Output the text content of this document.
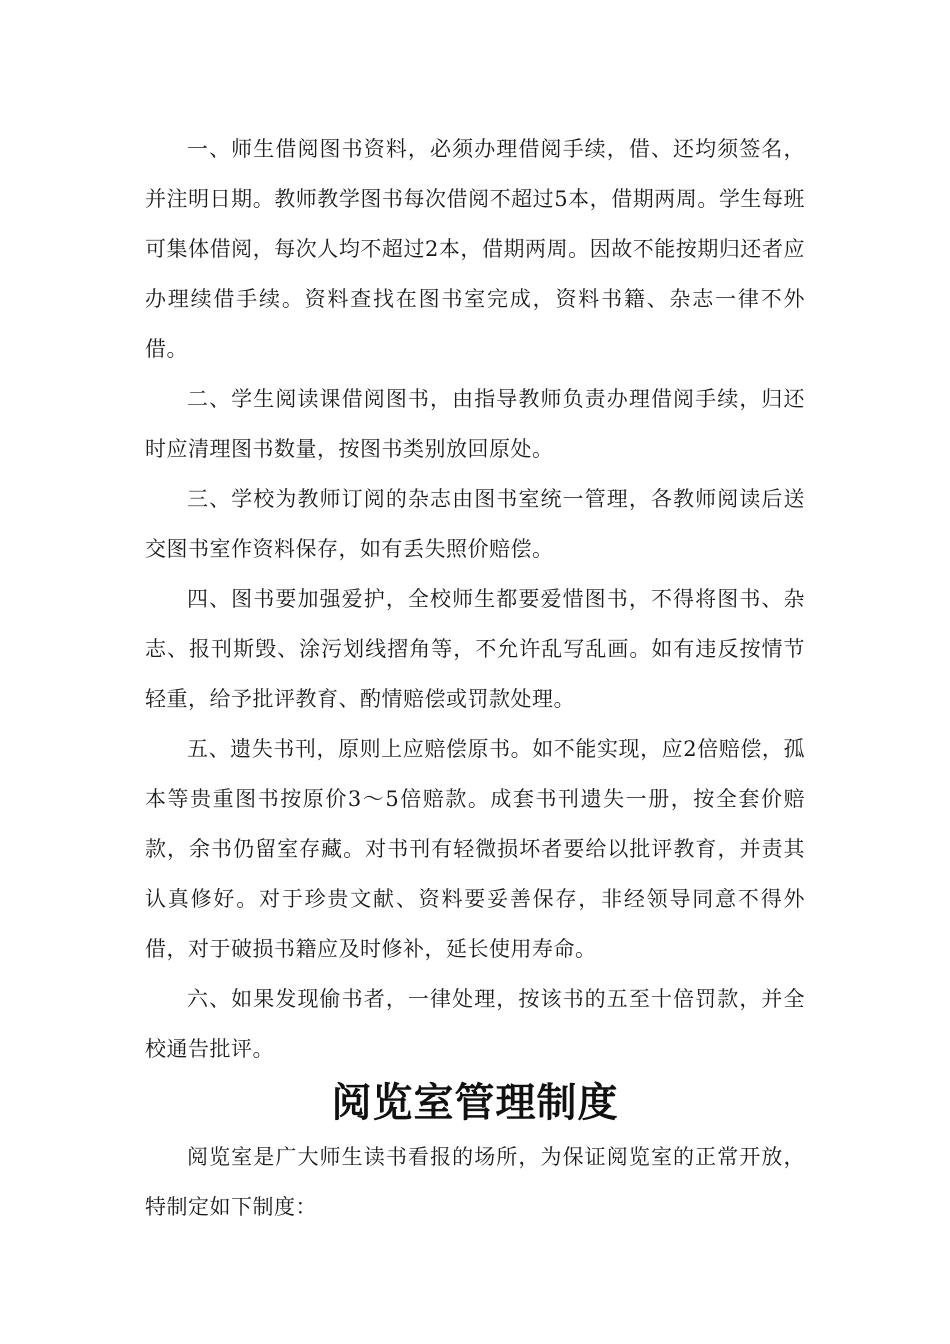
一、师生借阅图书资料，必须办理借阅手续，借、还均须签名，并注明日期。教师教学图书每次借阅不超过5本，借期两周。学生每班可集体借阅，每次人均不超过2本，借期两周。因故不能按期归还者应办理续借手续。资料查找在图书室完成，资料书籍、杂志一律不外借。

二、学生阅读课借阅图书，由指导教师负责办理借阅手续，归还时应清理图书数量，按图书类别放回原处。

三、学校为教师订阅的杂志由图书室统一管理，各教师阅读后送交图书室作资料保存，如有丢失照价赔偿。

四、图书要加强爱护，全校师生都要爱惜图书，不得将图书、杂志、报刊斯毁、涂污划线摺角等，不允许乱写乱画。如有违反按情节轻重，给予批评教育、酌情赔偿或罚款处理。

五、遗失书刊，原则上应赔偿原书。如不能实现，应2倍赔偿，孤本等贵重图书按原价3～5倍赔款。成套书刊遗失一册，按全套价赔款，余书仍留室存藏。对书刊有轻微损坏者要给以批评教育，并责其认真修好。对于珍贵文献、资料要妥善保存，非经领导同意不得外借，对于破损书籍应及时修补，延长使用寿命。

六、如果发现偷书者，一律处理，按该书的五至十倍罚款，并全校通告批评。

阅览室管理制度

阅览室是广大师生读书看报的场所，为保证阅览室的正常开放，特制定如下制度：
